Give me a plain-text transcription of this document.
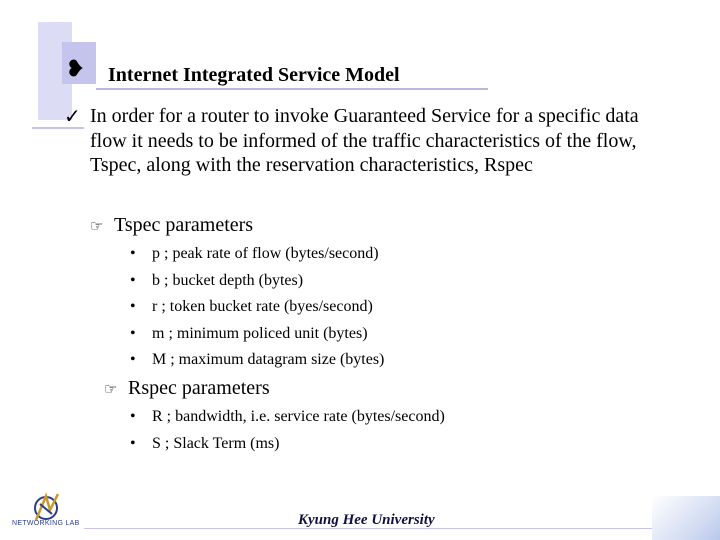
❥ Internet Integrated Service Model
✓ In order for a router to invoke Guaranteed Service for a specific data flow it needs to be informed of the traffic characteristics of the flow, Tspec, along with the reservation characteristics, Rspec
☞ Tspec parameters
• p ; peak rate of flow (bytes/second)
• b ; bucket depth (bytes)
• r ; token bucket rate (byes/second)
• m ; minimum policed unit (bytes)
• M ; maximum datagram size (bytes)
☞ Rspec parameters
• R ; bandwidth, i.e. service rate (bytes/second)
• S ; Slack Term (ms)
NETWORKING LAB	Kyung Hee University
